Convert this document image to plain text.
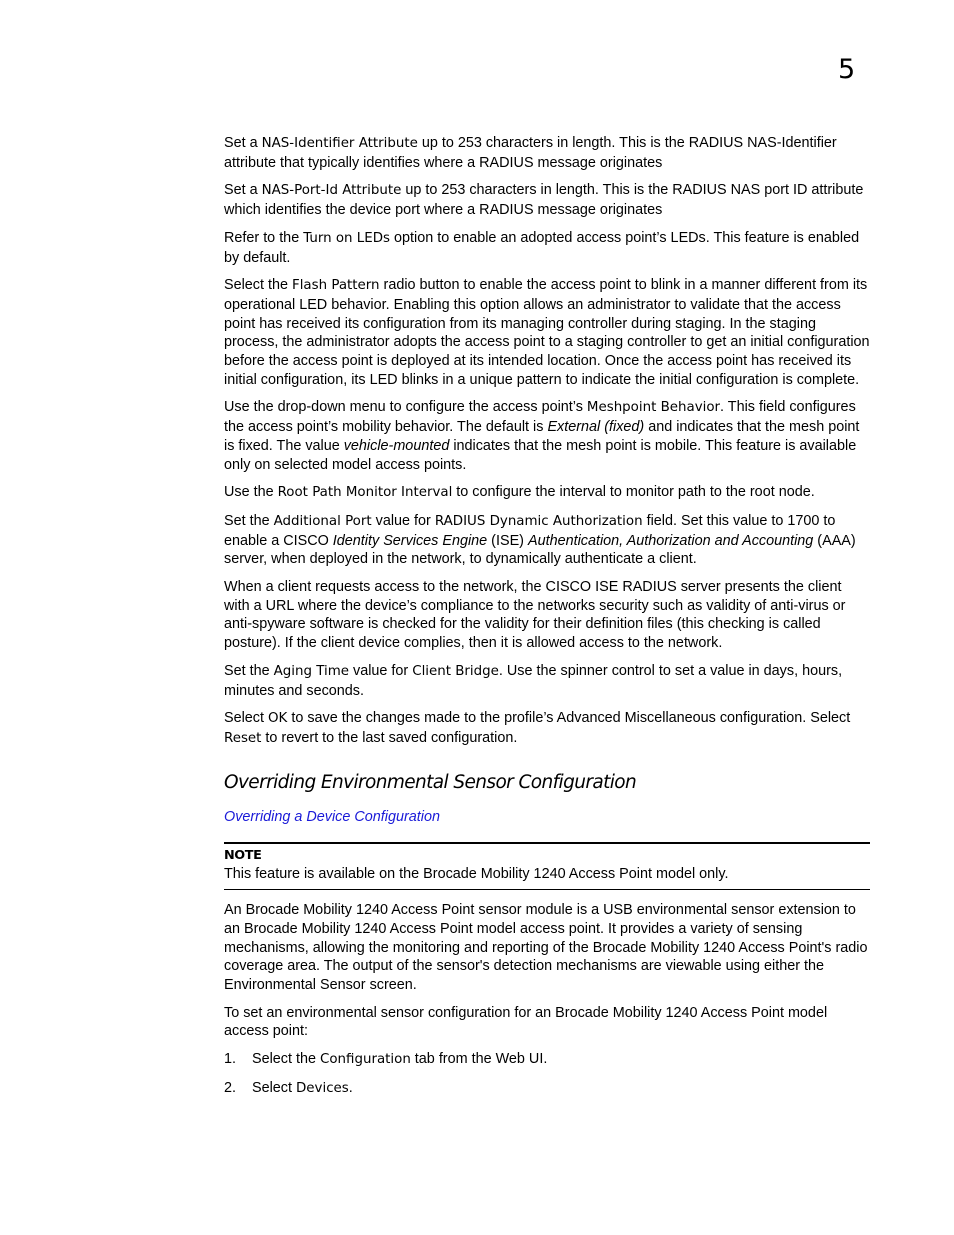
5

Set a NAS-Identifier Attribute up to 253 characters in length. This is the RADIUS NAS-Identifier attribute that typically identifies where a RADIUS message originates

Set a NAS-Port-Id Attribute up to 253 characters in length. This is the RADIUS NAS port ID attribute which identifies the device port where a RADIUS message originates

Refer to the Turn on LEDs option to enable an adopted access point’s LEDs. This feature is enabled by default.

Select the Flash Pattern radio button to enable the access point to blink in a manner different from its operational LED behavior. Enabling this option allows an administrator to validate that the access point has received its configuration from its managing controller during staging. In the staging process, the administrator adopts the access point to a staging controller to get an initial configuration before the access point is deployed at its intended location. Once the access point has received its initial configuration, its LED blinks in a unique pattern to indicate the initial configuration is complete.

Use the drop-down menu to configure the access point’s Meshpoint Behavior. This field configures the access point’s mobility behavior. The default is External (fixed) and indicates that the mesh point is fixed. The value vehicle-mounted indicates that the mesh point is mobile. This feature is available only on selected model access points.

Use the Root Path Monitor Interval to configure the interval to monitor path to the root node.

Set the Additional Port value for RADIUS Dynamic Authorization field. Set this value to 1700 to enable a CISCO Identity Services Engine (ISE) Authentication, Authorization and Accounting (AAA) server, when deployed in the network, to dynamically authenticate a client.

When a client requests access to the network, the CISCO ISE RADIUS server presents the client with a URL where the device’s compliance to the networks security such as validity of anti-virus or anti-spyware software is checked for the validity for their definition files (this checking is called posture). If the client device complies, then it is allowed access to the network.

Set the Aging Time value for Client Bridge. Use the spinner control to set a value in days, hours, minutes and seconds.

Select OK to save the changes made to the profile’s Advanced Miscellaneous configuration. Select Reset to revert to the last saved configuration.

Overriding Environmental Sensor Configuration
Overriding a Device Configuration
NOTE
This feature is available on the Brocade Mobility 1240 Access Point model only.

An Brocade Mobility 1240 Access Point sensor module is a USB environmental sensor extension to an Brocade Mobility 1240 Access Point model access point. It provides a variety of sensing mechanisms, allowing the monitoring and reporting of the Brocade Mobility 1240 Access Point's radio coverage area. The output of the sensor's detection mechanisms are viewable using either the Environmental Sensor screen.

To set an environmental sensor configuration for an Brocade Mobility 1240 Access Point model access point:

1.	Select the Configuration tab from the Web UI.
2.	Select Devices.
